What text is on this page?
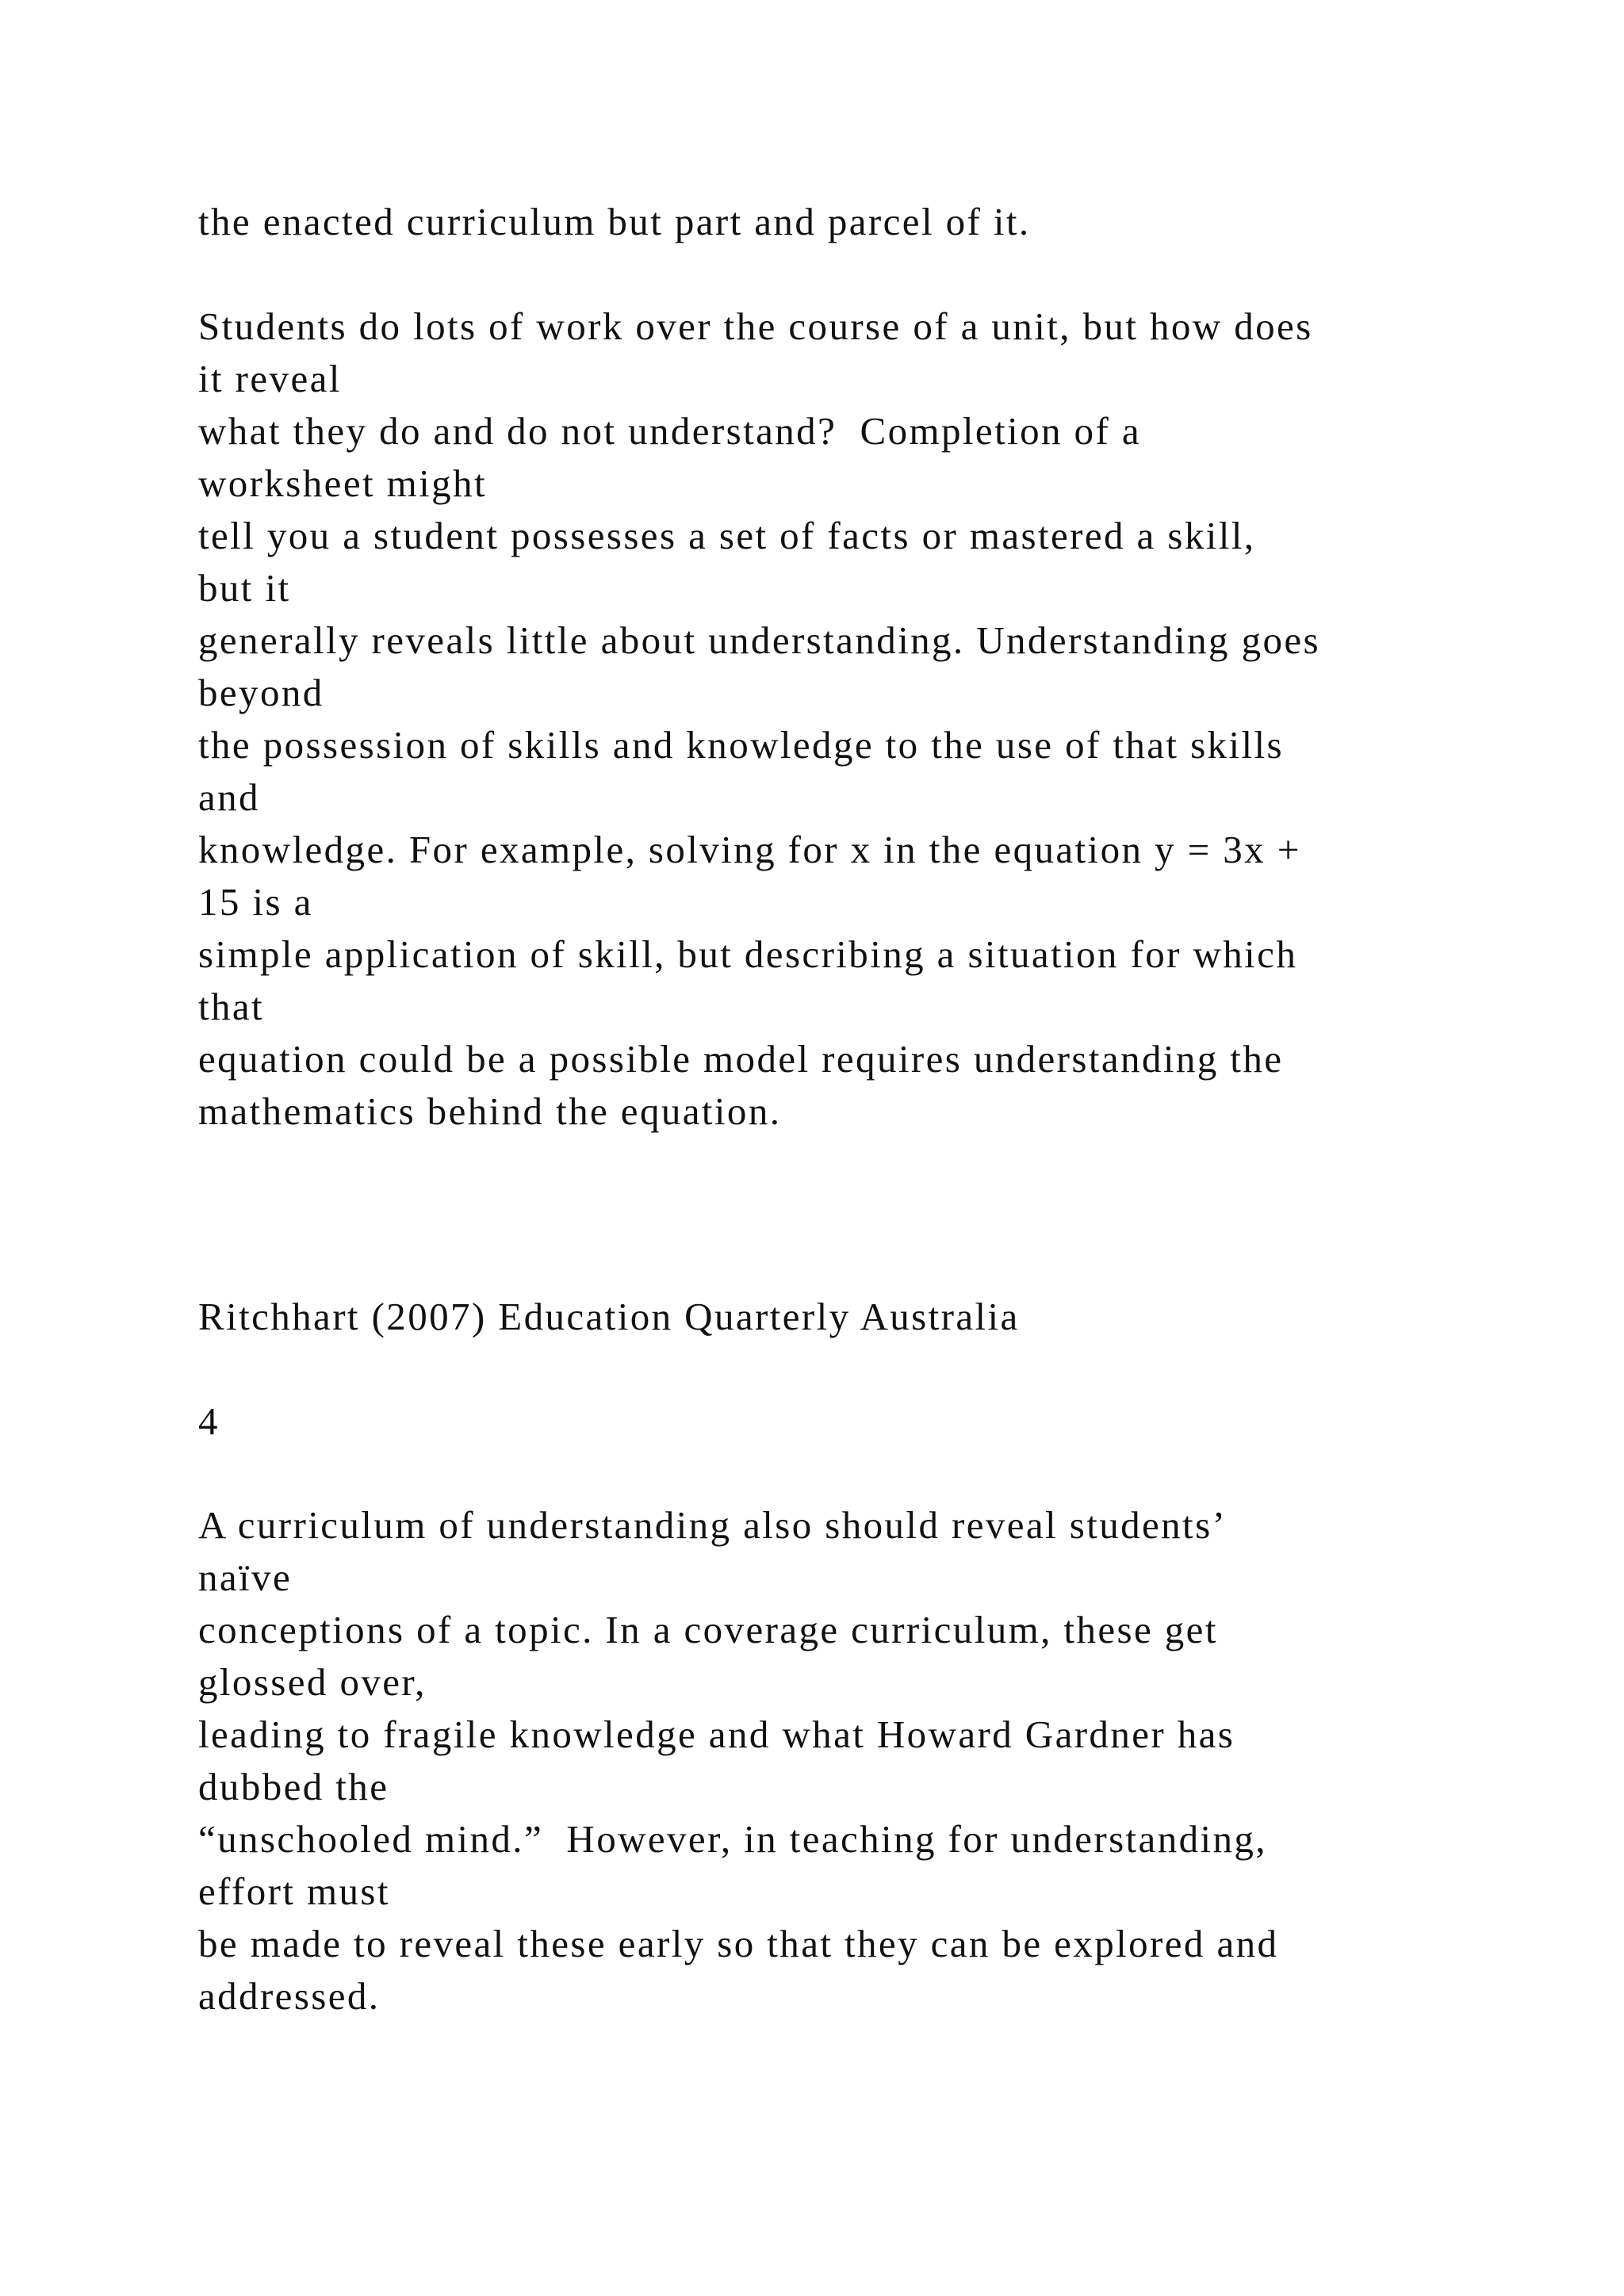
the enacted curriculum but part and parcel of it.
Students do lots of work over the course of a unit, but how does
it reveal
what they do and do not understand?  Completion of a
worksheet might
tell you a student possesses a set of facts or mastered a skill,
but it
generally reveals little about understanding. Understanding goes
beyond
the possession of skills and knowledge to the use of that skills
and
knowledge. For example, solving for x in the equation y = 3x +
15 is a
simple application of skill, but describing a situation for which
that
equation could be a possible model requires understanding the
mathematics behind the equation.
Ritchhart (2007) Education Quarterly Australia
4
A curriculum of understanding also should reveal students’
naïve
conceptions of a topic. In a coverage curriculum, these get
glossed over,
leading to fragile knowledge and what Howard Gardner has
dubbed the
“unschooled mind.”  However, in teaching for understanding,
effort must
be made to reveal these early so that they can be explored and
addressed.
